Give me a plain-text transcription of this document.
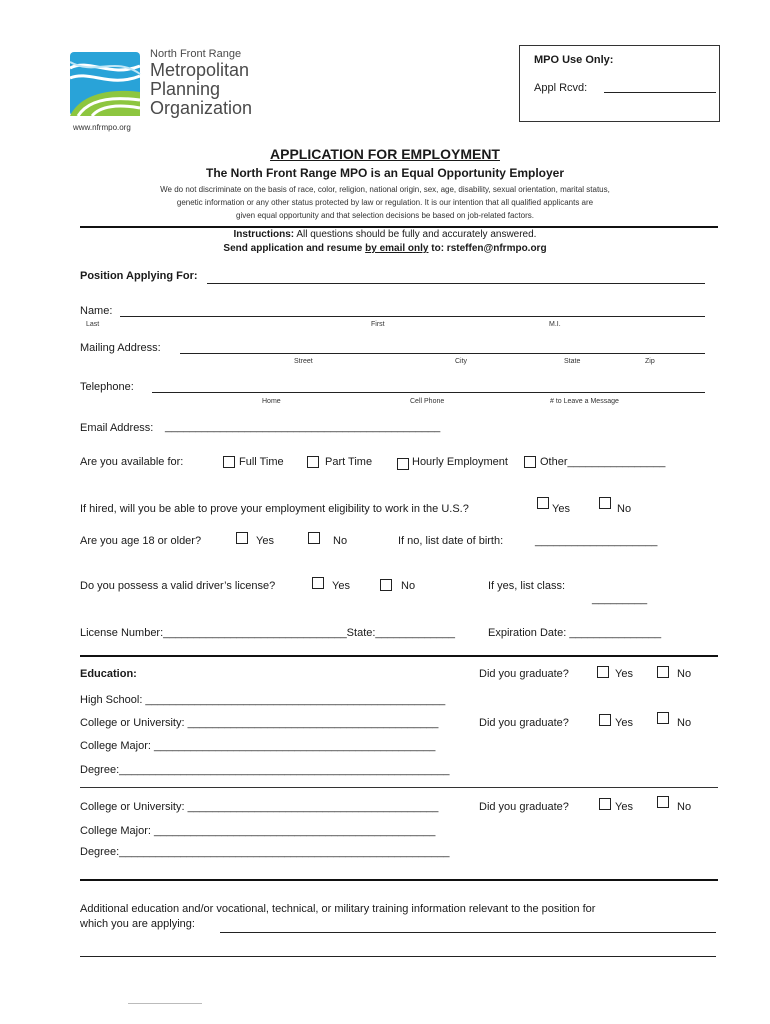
North Front Range
Metropolitan
Planning
Organization
www.nfrmpo.org
MPO Use Only:
Appl Rcvd:
APPLICATION FOR EMPLOYMENT
The North Front Range MPO is an Equal Opportunity Employer
We do not discriminate on the basis of race, color, religion, national origin, sex, age, disability, sexual orientation, marital status,
genetic information or any other status protected by law or regulation. It is our intention that all qualified applicants are
given equal opportunity and that selection decisions be based on job-related factors.
Instructions: All questions should be fully and accurately answered.
Send application and resume by email only to: rsteffen@nfrmpo.org
Position Applying For:
Name:
Last	First	M.I.
Mailing Address:
Street	City	State	Zip
Telephone:
Home	Cell Phone	# to Leave a Message
Email Address: _____________________________________________
Are you available for:	Full Time	Part Time	Hourly Employment	Other________________
If hired, will you be able to prove your employment eligibility to work in the U.S.?	Yes	No
Are you age 18 or older?	Yes	No	If no, list date of birth:	____________________
Do you possess a valid driver’s license?	Yes	No	If yes, list class:
_________
License Number:______________________________State:_____________	Expiration Date: _______________
Education:	Did you graduate?	Yes	No
High School: _________________________________________________
College or University: _________________________________________	Did you graduate?	Yes	No
College Major: ______________________________________________
Degree:______________________________________________________
College or University: _________________________________________	Did you graduate?	Yes	No
College Major: ______________________________________________
Degree:______________________________________________________
Additional education and/or vocational, technical, or military training information relevant to the position for
which you are applying:
